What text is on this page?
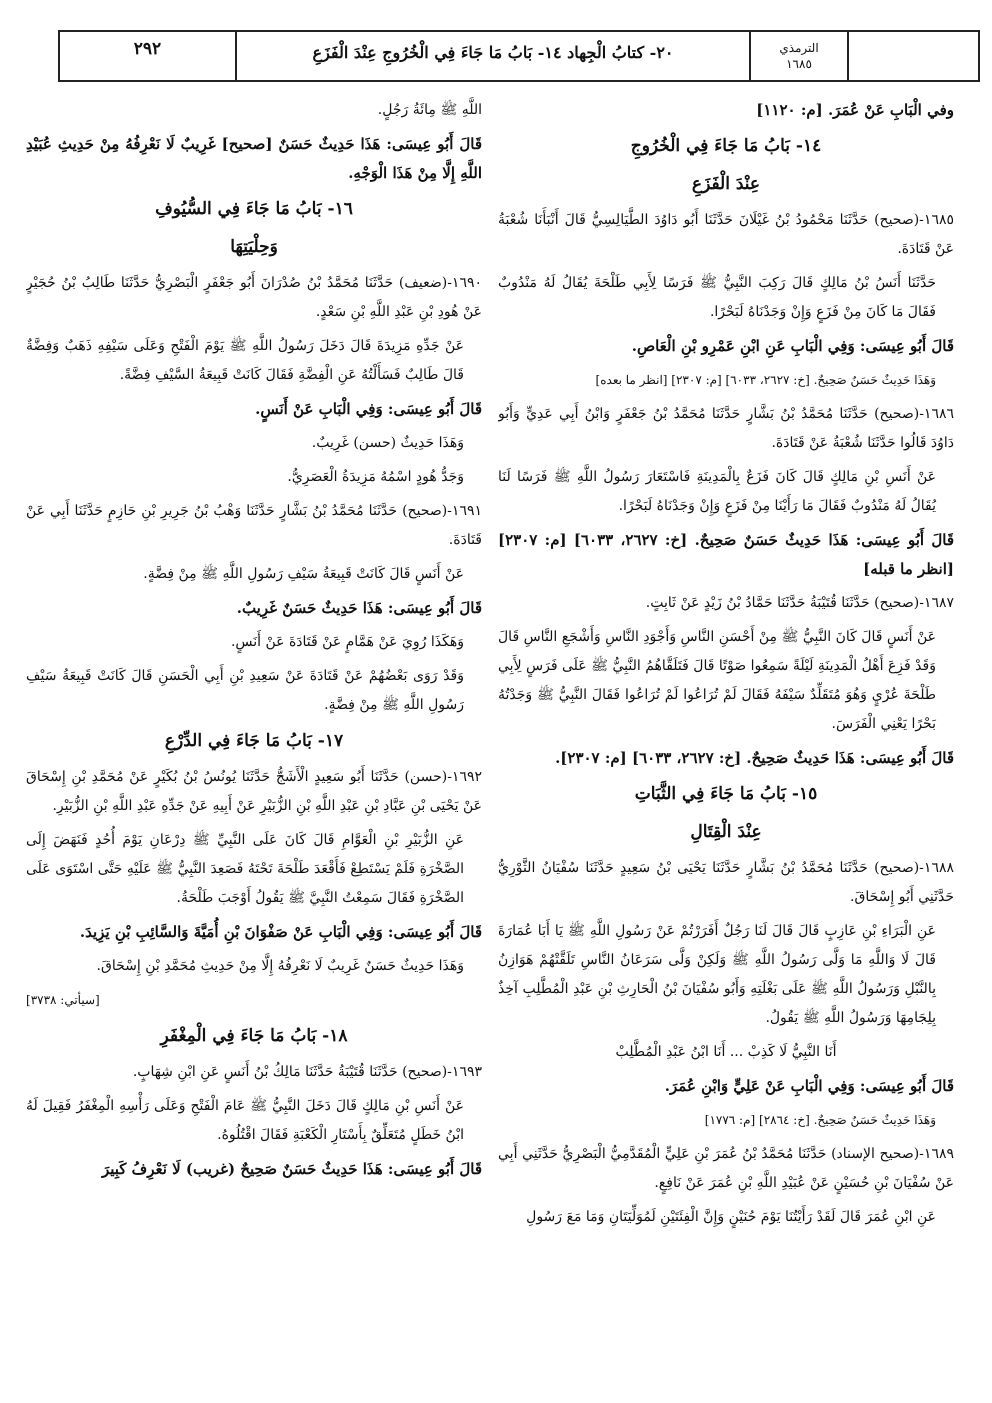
٢٩٢	٢٠- كتابُ الْجِهاد ١٤- بَابُ مَا جَاءَ فِي الْخُرُوجِ عِنْدَ الْفَزَعِ	الترمذي
١٦٨٥

وفي الْبَابِ عَنْ عُمَرَ. [م: ١١٢٠]

١٤- بَابُ مَا جَاءَ فِي الْخُرُوجِ

عِنْدَ الْفَزَعِ

١٦٨٥-(صحيح) حَدَّثَنَا مَحْمُودُ بْنُ غَيْلَانَ حَدَّثَنَا أَبُو دَاوُدَ الطَّيَالِسِيُّ قَالَ أَنْبَأَنَا شُعْبَةُ عَنْ قَتَادَةَ.

حَدَّثَنَا أَنَسُ بْنُ مَالِكٍ قَالَ رَكِبَ النَّبِيُّ ﷺ فَرَسًا لِأَبِي طَلْحَةَ يُقَالُ لَهُ مَنْدُوبٌ فَقَالَ مَا كَانَ مِنْ فَزَعٍ وَإِنْ وَجَدْنَاهُ لَبَحْرًا.

قَالَ أَبُو عِيسَى: وَفِي الْبَابِ عَنِ ابْنِ عَمْرِو بْنِ الْعَاصِ.

وَهَذَا حَدِيثٌ حَسَنٌ صَحِيحٌ. [خ: ٢٦٢٧، ٦٠٣٣] [م: ٢٣٠٧] [انظر ما بعده]

١٦٨٦-(صحيح) حَدَّثَنَا مُحَمَّدُ بْنُ بَشَّارٍ حَدَّثَنَا مُحَمَّدُ بْنُ جَعْفَرٍ وَابْنُ أَبِي عَدِيٍّ وَأَبُو دَاوُدَ قَالُوا حَدَّثَنَا شُعْبَةُ عَنْ قَتَادَةَ.

عَنْ أَنَسِ بْنِ مَالِكٍ قَالَ كَانَ فَزَعٌ بِالْمَدِينَةِ فَاسْتَعَارَ رَسُولُ اللَّهِ ﷺ فَرَسًا لَنَا يُقَالُ لَهُ مَنْدُوبٌ فَقَالَ مَا رَأَيْنَا مِنْ فَزَعٍ وَإِنْ وَجَدْنَاهُ لَبَحْرًا.

قَالَ أَبُو عِيسَى: هَذَا حَدِيثٌ حَسَنٌ صَحِيحٌ. [خ: ٢٦٢٧، ٦٠٣٣] [م: ٢٣٠٧] [انظر ما قبله]

١٦٨٧-(صحيح) حَدَّثَنَا قُتَيْبَةُ حَدَّثَنَا حَمَّادُ بْنُ زَيْدٍ عَنْ ثَابِتٍ.

عَنْ أَنَسٍ قَالَ كَانَ النَّبِيُّ ﷺ مِنْ أَحْسَنِ النَّاسِ وَأَجْوَدِ النَّاسِ وَأَشْجَعِ النَّاسِ قَالَ وَقَدْ فَزِعَ أَهْلُ الْمَدِينَةِ لَيْلَةً سَمِعُوا صَوْتًا قَالَ فَتَلَقَّاهُمُ النَّبِيُّ ﷺ عَلَى فَرَسٍ لِأَبِي طَلْحَةَ عُرْيٍ وَهُوَ مُتَقَلِّدٌ سَيْفَهُ فَقَالَ لَمْ تُرَاعُوا لَمْ تُرَاعُوا فَقَالَ النَّبِيُّ ﷺ وَجَدْتُهُ بَحْرًا يَعْنِي الْفَرَسَ.

قَالَ أَبُو عِيسَى: هَذَا حَدِيثٌ صَحِيحٌ. [خ: ٢٦٢٧، ٦٠٣٣] [م: ٢٣٠٧].

١٥- بَابُ مَا جَاءَ فِي الثَّبَاتِ

عِنْدَ الْقِتَالِ

١٦٨٨-(صحيح) حَدَّثَنَا مُحَمَّدُ بْنُ بَشَّارٍ حَدَّثَنَا يَحْيَى بْنُ سَعِيدٍ حَدَّثَنَا سُفْيَانُ الثَّوْرِيُّ حَدَّثَنِي أَبُو إِسْحَاقَ.

عَنِ الْبَرَاءِ بْنِ عَازِبٍ قَالَ قَالَ لَنَا رَجُلٌ أَفَرَرْتُمْ عَنْ رَسُولِ اللَّهِ ﷺ يَا أَبَا عُمَارَةَ قَالَ لَا وَاللَّهِ مَا وَلَّى رَسُولُ اللَّهِ ﷺ وَلَكِنْ وَلَّى سَرَعَانُ النَّاسِ تَلَقَّتْهُمْ هَوَازِنُ بِالنَّبْلِ وَرَسُولُ اللَّهِ ﷺ عَلَى بَغْلَتِهِ وَأَبُو سُفْيَانَ بْنُ الْحَارِثِ بْنِ عَبْدِ الْمُطَّلِبِ آخِذٌ بِلِجَامِهَا وَرَسُولُ اللَّهِ ﷺ يَقُولُ.

أَنَا النَّبِيُّ لَا كَذِبْ ... أَنَا ابْنُ عَبْدِ الْمُطَّلِبْ

قَالَ أَبُو عِيسَى: وَفِي الْبَابِ عَنْ عَلِيٍّ وَابْنِ عُمَرَ.

وَهَذَا حَدِيثٌ حَسَنٌ صَحِيحٌ. [خ: ٢٨٦٤] [م: ١٧٧٦]

١٦٨٩-(صحيح الإسناد) حَدَّثَنَا مُحَمَّدُ بْنُ عُمَرَ بْنِ عَلِيٍّ الْمُقَدَّمِيُّ الْبَصْرِيُّ حَدَّثَنِي أَبِي عَنْ سُفْيَانَ بْنِ حُسَيْنٍ عَنْ عُبَيْدِ اللَّهِ بْنِ عُمَرَ عَنْ نَافِعٍ.

عَنِ ابْنِ عُمَرَ قَالَ لَقَدْ رَأَيْتُنَا يَوْمَ حُنَيْنٍ وَإِنَّ الْفِئَتَيْنِ لَمُوَلِّيَتَانِ وَمَا مَعَ رَسُولِ

اللَّهِ ﷺ مِائَةُ رَجُلٍ.

قَالَ أَبُو عِيسَى: هَذَا حَدِيثٌ حَسَنٌ [صحيح] غَرِيبٌ لَا نَعْرِفُهُ مِنْ حَدِيثِ عُبَيْدِ اللَّهِ إِلَّا مِنْ هَذَا الْوَجْهِ.

١٦- بَابُ مَا جَاءَ فِي السُّيُوفِ

وَحِلْيَتِهَا

١٦٩٠-(ضعيف) حَدَّثَنَا مُحَمَّدُ بْنُ صُدْرَانَ أَبُو جَعْفَرٍ الْبَصْرِيُّ حَدَّثَنَا طَالِبُ بْنُ حُجَيْرٍ عَنْ هُودِ بْنِ عَبْدِ اللَّهِ بْنِ سَعْدٍ.

عَنْ جَدِّهِ مَزِيدَةَ قَالَ دَخَلَ رَسُولُ اللَّهِ ﷺ يَوْمَ الْفَتْحِ وَعَلَى سَيْفِهِ ذَهَبٌ وَفِضَّةٌ قَالَ طَالِبٌ فَسَأَلْتُهُ عَنِ الْفِضَّةِ فَقَالَ كَانَتْ قَبِيعَةُ السَّيْفِ فِضَّةً.

قَالَ أَبُو عِيسَى: وَفِي الْبَابِ عَنْ أَنَسٍ.

وَهَذَا حَدِيثٌ (حسن) غَرِيبٌ.

وَجَدُّ هُودٍ اسْمُهُ مَزِيدَةُ الْعَصَرِيُّ.

١٦٩١-(صحيح) حَدَّثَنَا مُحَمَّدُ بْنُ بَشَّارٍ حَدَّثَنَا وَهْبُ بْنُ جَرِيرِ بْنِ حَازِمٍ حَدَّثَنَا أَبِي عَنْ قَتَادَةَ.

عَنْ أَنَسٍ قَالَ كَانَتْ قَبِيعَةُ سَيْفِ رَسُولِ اللَّهِ ﷺ مِنْ فِضَّةٍ.

قَالَ أَبُو عِيسَى: هَذَا حَدِيثٌ حَسَنٌ غَرِيبٌ.

وَهَكَذَا رُوِيَ عَنْ هَمَّامٍ عَنْ قَتَادَةَ عَنْ أَنَسٍ.

وَقَدْ رَوَى بَعْضُهُمْ عَنْ قَتَادَةَ عَنْ سَعِيدِ بْنِ أَبِي الْحَسَنِ قَالَ كَانَتْ قَبِيعَةُ سَيْفِ رَسُولِ اللَّهِ ﷺ مِنْ فِضَّةٍ.

١٧- بَابُ مَا جَاءَ فِي الدِّرْعِ

١٦٩٢-(حسن) حَدَّثَنَا أَبُو سَعِيدٍ الْأَشَجُّ حَدَّثَنَا يُونُسُ بْنُ بُكَيْرٍ عَنْ مُحَمَّدِ بْنِ إِسْحَاقَ عَنْ يَحْيَى بْنِ عَبَّادِ بْنِ عَبْدِ اللَّهِ بْنِ الزُّبَيْرِ عَنْ أَبِيهِ عَنْ جَدِّهِ عَبْدِ اللَّهِ بْنِ الزُّبَيْرِ.

عَنِ الزُّبَيْرِ بْنِ الْعَوَّامِ قَالَ كَانَ عَلَى النَّبِيِّ ﷺ دِرْعَانِ يَوْمَ أُحُدٍ فَنَهَضَ إِلَى الصَّخْرَةِ فَلَمْ يَسْتَطِعْ فَأَقْعَدَ طَلْحَةَ تَحْتَهُ فَصَعِدَ النَّبِيُّ ﷺ عَلَيْهِ حَتَّى اسْتَوَى عَلَى الصَّخْرَةِ فَقَالَ سَمِعْتُ النَّبِيَّ ﷺ يَقُولُ أَوْجَبَ طَلْحَةُ.

قَالَ أَبُو عِيسَى: وَفِي الْبَابِ عَنْ صَفْوَانَ بْنِ أُمَيَّةَ وَالسَّائِبِ بْنِ يَزِيدَ.

وَهَذَا حَدِيثٌ حَسَنٌ غَرِيبٌ لَا نَعْرِفُهُ إِلَّا مِنْ حَدِيثِ مُحَمَّدِ بْنِ إِسْحَاقَ.

[سيأتي: ٣٧٣٨]

١٨- بَابُ مَا جَاءَ فِي الْمِغْفَرِ

١٦٩٣-(صحيح) حَدَّثَنَا قُتَيْبَةُ حَدَّثَنَا مَالِكُ بْنُ أَنَسٍ عَنِ ابْنِ شِهَابٍ.

عَنْ أَنَسِ بْنِ مَالِكٍ قَالَ دَخَلَ النَّبِيُّ ﷺ عَامَ الْفَتْحِ وَعَلَى رَأْسِهِ الْمِغْفَرُ فَقِيلَ لَهُ ابْنُ خَطَلٍ مُتَعَلِّقٌ بِأَسْتَارِ الْكَعْبَةِ فَقَالَ اقْتُلُوهُ.

قَالَ أَبُو عِيسَى: هَذَا حَدِيثٌ حَسَنٌ صَحِيحٌ (غريب) لَا نَعْرِفُ كَبِيرَ
